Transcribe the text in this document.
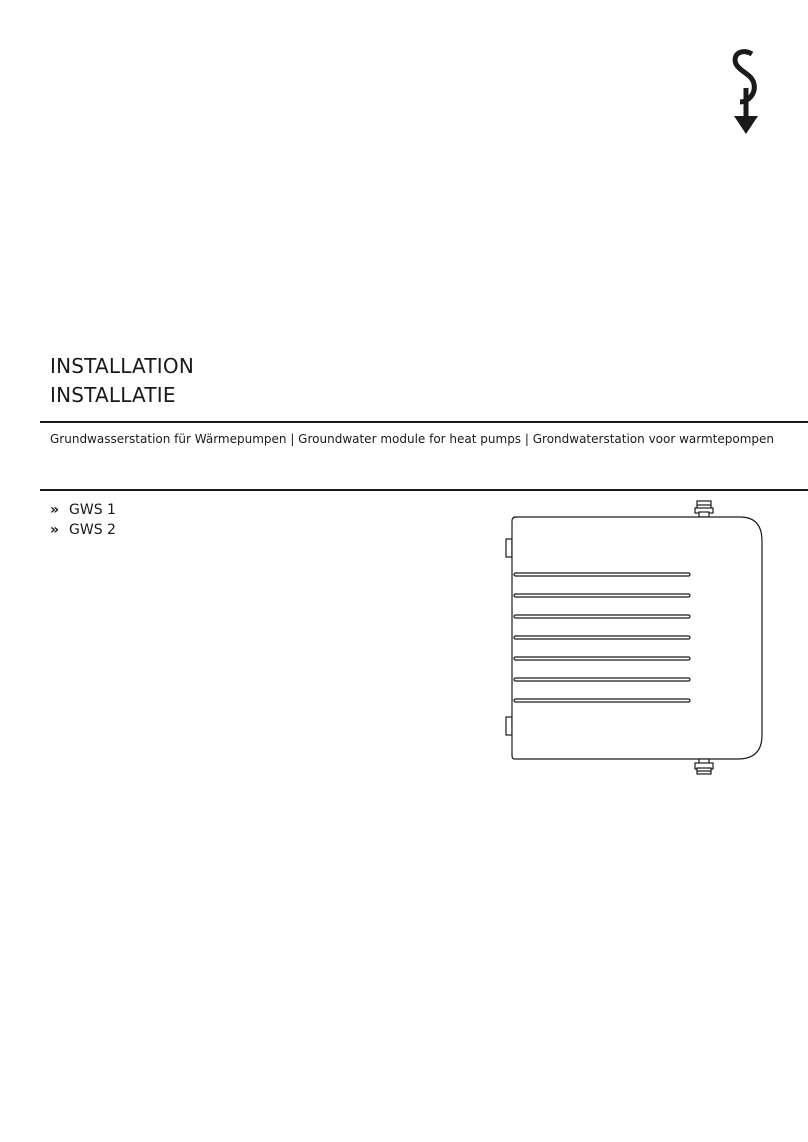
INSTALLATION
INSTALLATIE
Grundwasserstation für Wärmepumpen | Groundwater module for heat pumps | Grondwaterstation voor warmtepompen
» GWS 1
» GWS 2
